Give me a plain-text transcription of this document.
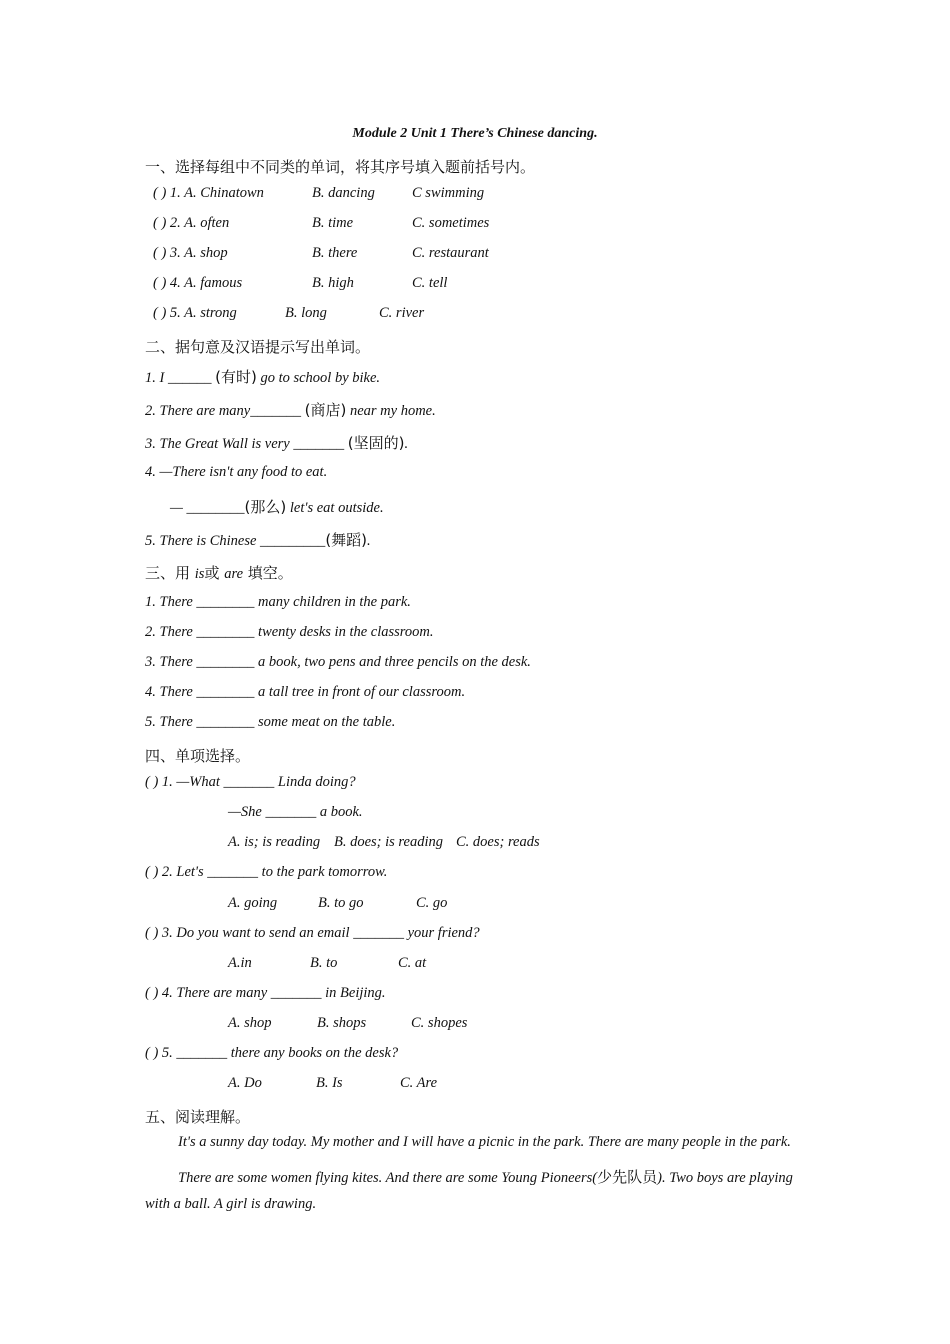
Module 2 Unit 1 There’s Chinese dancing.
一、选择每组中不同类的单词，将其序号填入题前括号内。
( ) 1. A. Chinatown	B. dancing	C swimming
( ) 2. A. often	B. time	C. sometimes
( ) 3. A. shop	B. there	C. restaurant
( ) 4. A. famous	B. high	C. tell
( ) 5. A. strong	B. long	C. river
二、据句意及汉语提示写出单词。
1. I ______ (有时) go to school by bike.
2. There are many_______ (商店) near my home.
3. The Great Wall is very _______ (坚固的).
4. —There isn't any food to eat.
— ________(那么) let's eat outside.
5. There is Chinese _________(舞蹈).
三、用 is或 are 填空。
1. There ________ many children in the park.
2. There ________ twenty desks in the classroom.
3. There ________ a book, two pens and three pencils on the desk.
4. There ________ a tall tree in front of our classroom.
5. There ________ some meat on the table.
四、单项选择。
( ) 1. —What _______ Linda doing?
—She _______ a book.
A. is; is reading B. does; is reading C. does; reads
( ) 2. Let's _______ to the park tomorrow.
A. going	B. to go	C. go
( ) 3. Do you want to send an email _______ your friend?
A.in	B. to	C. at
( ) 4. There are many _______ in Beijing.
A. shop	B. shops	C. shopes
( ) 5. _______ there any books on the desk?
A. Do	B. Is	C. Are
五、阅读理解。
It's a sunny day today. My mother and I will have a picnic in the park. There are many people in the park.
There are some women flying kites. And there are some Young Pioneers(少先队员). Two boys are playing
with a ball. A girl is drawing.
